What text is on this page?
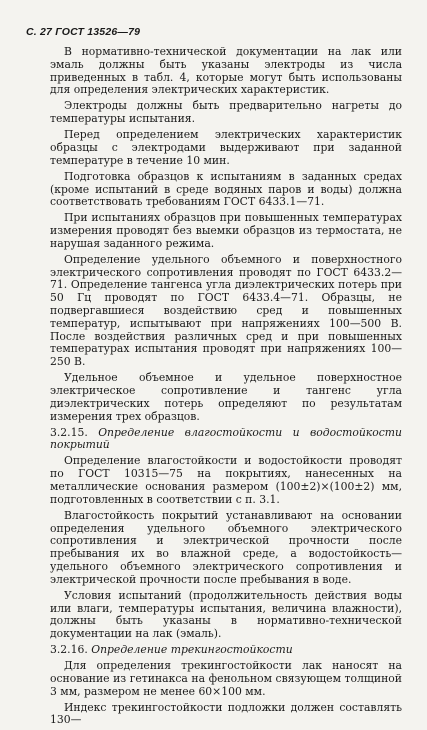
С. 27 ГОСТ 13526—79

В нормативно-технической документации на лак или эмаль должны быть указаны электроды из числа приведенных в табл. 4, которые могут быть использованы для определения электрических характеристик.

Электроды должны быть предварительно нагреты до температуры испытания.

Перед определением электрических характеристик образцы с электродами выдерживают при заданной температуре в течение 10 мин.

Подготовка образцов к испытаниям в заданных средах (кроме испытаний в среде водяных паров и воды) должна соответствовать требованиям ГОСТ 6433.1—71.

При испытаниях образцов при повышенных температурах измерения проводят без выемки образцов из термостата, не нарушая заданного режима.

Определение удельного объемного и поверхностного электрического сопротивления проводят по ГОСТ 6433.2—71. Определение тангенса угла диэлектрических потерь при 50 Гц проводят по ГОСТ 6433.4—71. Образцы, не подвергавшиеся воздействию сред и повышенных температур, испытывают при напряжениях 100—500 В. После воздействия различных сред и при повышенных температурах испытания проводят при напряжениях 100—250 В.

Удельное объемное и удельное поверхностное электрическое сопротивление и тангенс угла диэлектрических потерь определяют по результатам измерения трех образцов.

3.2.15. Определение влагостойкости и водостойкости покрытий

Определение влагостойкости и водостойкости проводят по ГОСТ 10315—75 на покрытиях, нанесенных на металлические основания размером (100±2)×(100±2) мм, подготовленных в соответствии с п. 3.1.

Влагостойкость покрытий устанавливают на основании определения удельного объемного электрического сопротивления и электрической прочности после пребывания их во влажной среде, а водостойкость—удельного объемного электрического сопротивления и электрической прочности после пребывания в воде.

Условия испытаний (продолжительность действия воды или влаги, температуры испытания, величина влажности), должны быть указаны в нормативно-технической документации на лак (эмаль).

3.2.16. Определение трекингостойкости

Для определения трекингостойкости лак наносят на основание из гетинакса на фенольном связующем толщиной 3 мм, размером не менее 60×100 мм.

Индекс трекингостойкости подложки должен составлять 130—
